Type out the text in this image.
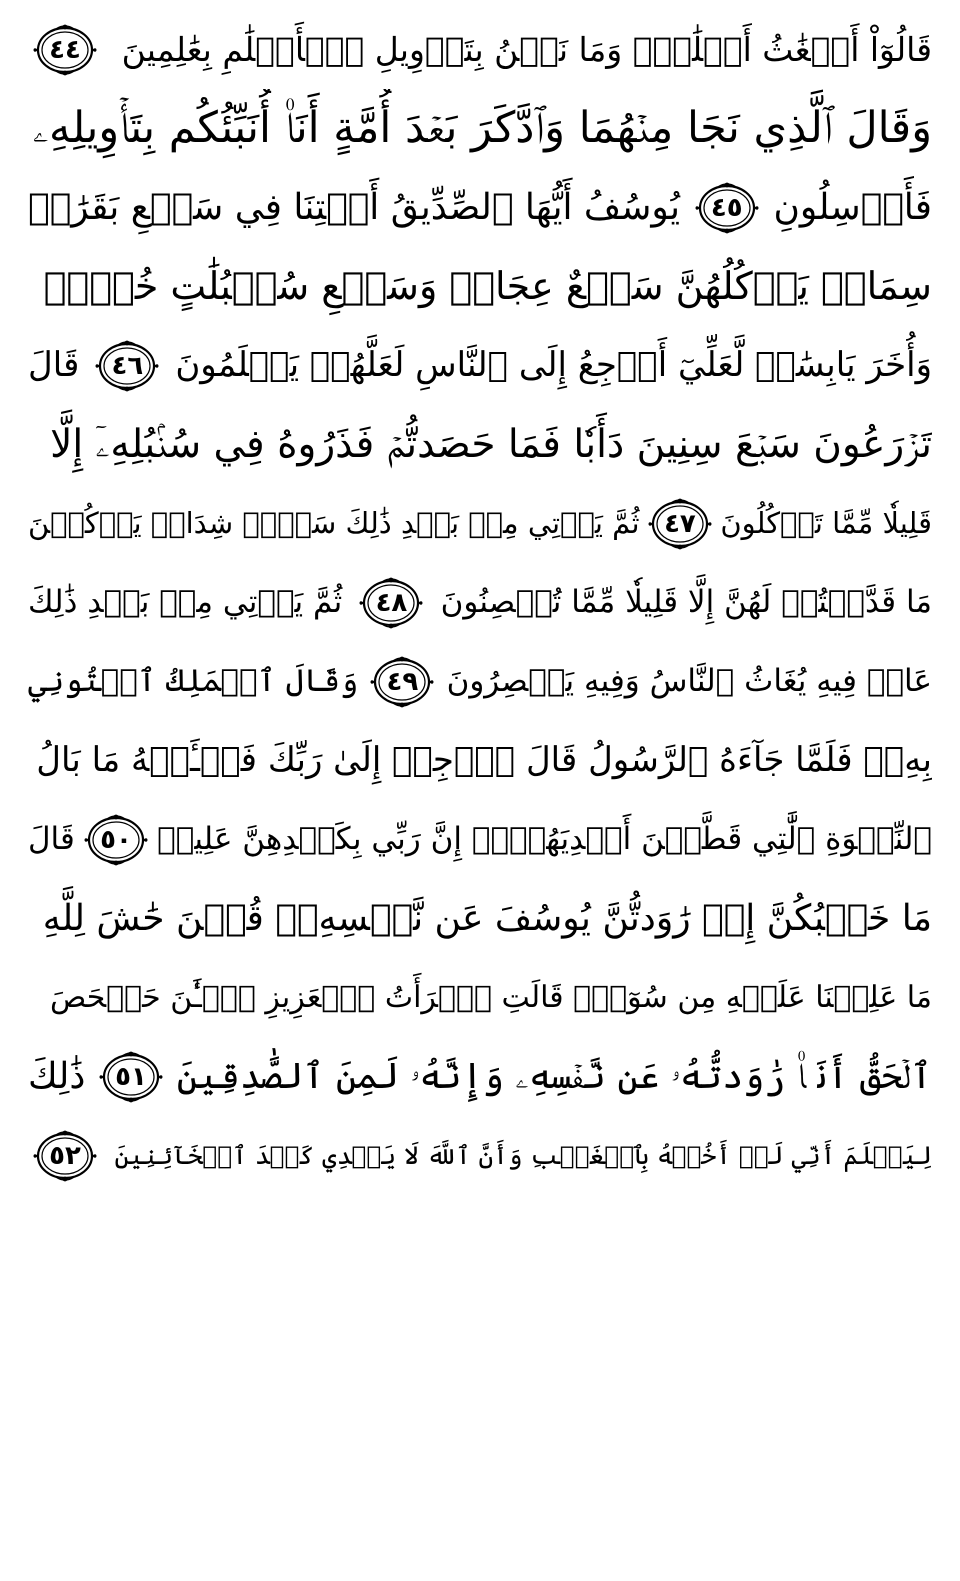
قَالُوٓاْ أَضۡغَٰثُ أَحۡلَٰمٖۖ وَمَا نَحۡنُ بِتَأۡوِيلِ ٱلۡأَحۡلَٰمِ بِعَٰلِمِينَ
٤٤
وَقَالَ ٱلَّذِي نَجَا مِنۡهُمَا وَٱدَّكَرَ بَعۡدَ أُمَّةٍ أَنَا۠ أُنَبِّئُكُم بِتَأۡوِيلِهِۦ
فَأَرۡسِلُونِ
٤٥
يُوسُفُ أَيُّهَا ٱلصِّدِّيقُ أَفۡتِنَا فِي سَبۡعِ بَقَرَٰتٖ
سِمَانٖ يَأۡكُلُهُنَّ سَبۡعٌ عِجَافٞ وَسَبۡعِ سُنۢبُلَٰتٍ خُضۡرٖ
وَأُخَرَ يَابِسَٰتٖ لَّعَلِّيٓ أَرۡجِعُ إِلَى ٱلنَّاسِ لَعَلَّهُمۡ يَعۡلَمُونَ
٤٦
قَالَ
تَزۡرَعُونَ سَبۡعَ سِنِينَ دَأَبٗا فَمَا حَصَدتُّمۡ فَذَرُوهُ فِي سُنۢبُلِهِۦٓ إِلَّا
قَلِيلٗا مِّمَّا تَأۡكُلُونَ
٤٧
ثُمَّ يَأۡتِي مِنۢ بَعۡدِ ذَٰلِكَ سَبۡعٞ شِدَادٞ يَأۡكُلۡنَ
مَا قَدَّمۡتُمۡ لَهُنَّ إِلَّا قَلِيلٗا مِّمَّا تُحۡصِنُونَ
٤٨
ثُمَّ يَأۡتِي مِنۢ بَعۡدِ ذَٰلِكَ
عَامٞ فِيهِ يُغَاثُ ٱلنَّاسُ وَفِيهِ يَعۡصِرُونَ
٤٩
وَقَالَ ٱلۡمَلِكُ ٱئۡتُونِي
بِهِۦۖ فَلَمَّا جَآءَهُ ٱلرَّسُولُ قَالَ ٱرۡجِعۡ إِلَىٰ رَبِّكَ فَسۡـَٔلۡهُ مَا بَالُ
ٱلنِّسۡوَةِ ٱلَّٰتِي قَطَّعۡنَ أَيۡدِيَهُنَّۚ إِنَّ رَبِّي بِكَيۡدِهِنَّ عَلِيمٞ
٥٠
قَالَ
مَا خَطۡبُكُنَّ إِذۡ رَٰوَدتُّنَّ يُوسُفَ عَن نَّفۡسِهِۦۚ قُلۡنَ حَٰشَ لِلَّهِ
مَا عَلِمۡنَا عَلَيۡهِ مِن سُوٓءٖۚ قَالَتِ ٱمۡرَأَتُ ٱلۡعَزِيزِ ٱلۡـَٰٔنَ حَصۡحَصَ
ٱلۡحَقُّ أَنَا۠ رَٰوَدتُّهُۥ عَن نَّفۡسِهِۦ وَإِنَّهُۥ لَمِنَ ٱلصَّٰدِقِينَ
٥١
ذَٰلِكَ
لِيَعۡلَمَ أَنِّي لَمۡ أَخُنۡهُ بِٱلۡغَيۡبِ وَأَنَّ ٱللَّهَ لَا يَهۡدِي كَيۡدَ ٱلۡخَآئِنِينَ
٥٢
